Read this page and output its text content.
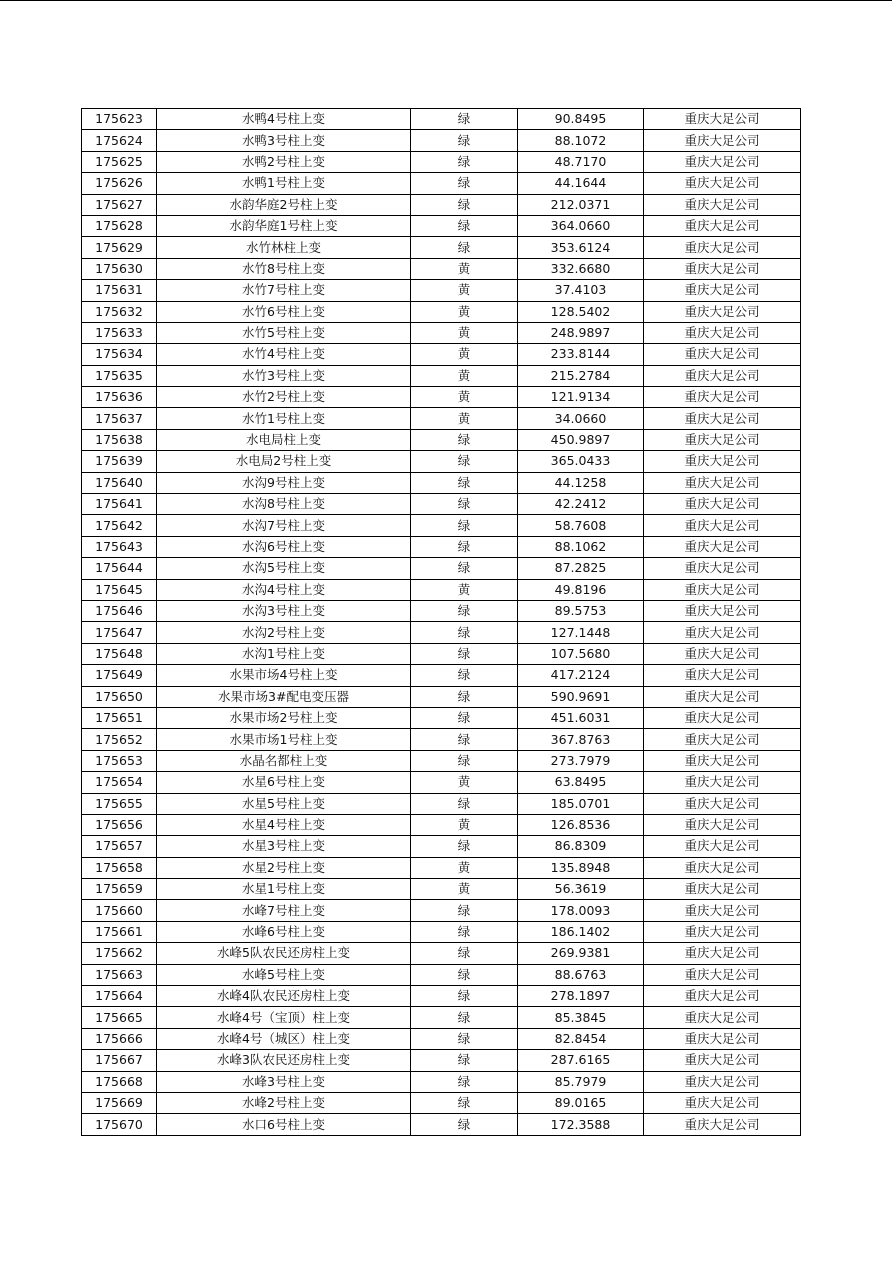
175623	水鸭4号柱上变	绿	90.8495	重庆大足公司
175624	水鸭3号柱上变	绿	88.1072	重庆大足公司
175625	水鸭2号柱上变	绿	48.7170	重庆大足公司
175626	水鸭1号柱上变	绿	44.1644	重庆大足公司
175627	水韵华庭2号柱上变	绿	212.0371	重庆大足公司
175628	水韵华庭1号柱上变	绿	364.0660	重庆大足公司
175629	水竹林柱上变	绿	353.6124	重庆大足公司
175630	水竹8号柱上变	黄	332.6680	重庆大足公司
175631	水竹7号柱上变	黄	37.4103	重庆大足公司
175632	水竹6号柱上变	黄	128.5402	重庆大足公司
175633	水竹5号柱上变	黄	248.9897	重庆大足公司
175634	水竹4号柱上变	黄	233.8144	重庆大足公司
175635	水竹3号柱上变	黄	215.2784	重庆大足公司
175636	水竹2号柱上变	黄	121.9134	重庆大足公司
175637	水竹1号柱上变	黄	34.0660	重庆大足公司
175638	水电局柱上变	绿	450.9897	重庆大足公司
175639	水电局2号柱上变	绿	365.0433	重庆大足公司
175640	水沟9号柱上变	绿	44.1258	重庆大足公司
175641	水沟8号柱上变	绿	42.2412	重庆大足公司
175642	水沟7号柱上变	绿	58.7608	重庆大足公司
175643	水沟6号柱上变	绿	88.1062	重庆大足公司
175644	水沟5号柱上变	绿	87.2825	重庆大足公司
175645	水沟4号柱上变	黄	49.8196	重庆大足公司
175646	水沟3号柱上变	绿	89.5753	重庆大足公司
175647	水沟2号柱上变	绿	127.1448	重庆大足公司
175648	水沟1号柱上变	绿	107.5680	重庆大足公司
175649	水果市场4号柱上变	绿	417.2124	重庆大足公司
175650	水果市场3#配电变压器	绿	590.9691	重庆大足公司
175651	水果市场2号柱上变	绿	451.6031	重庆大足公司
175652	水果市场1号柱上变	绿	367.8763	重庆大足公司
175653	水晶名都柱上变	绿	273.7979	重庆大足公司
175654	水星6号柱上变	黄	63.8495	重庆大足公司
175655	水星5号柱上变	绿	185.0701	重庆大足公司
175656	水星4号柱上变	黄	126.8536	重庆大足公司
175657	水星3号柱上变	绿	86.8309	重庆大足公司
175658	水星2号柱上变	黄	135.8948	重庆大足公司
175659	水星1号柱上变	黄	56.3619	重庆大足公司
175660	水峰7号柱上变	绿	178.0093	重庆大足公司
175661	水峰6号柱上变	绿	186.1402	重庆大足公司
175662	水峰5队农民还房柱上变	绿	269.9381	重庆大足公司
175663	水峰5号柱上变	绿	88.6763	重庆大足公司
175664	水峰4队农民还房柱上变	绿	278.1897	重庆大足公司
175665	水峰4号（宝顶）柱上变	绿	85.3845	重庆大足公司
175666	水峰4号（城区）柱上变	绿	82.8454	重庆大足公司
175667	水峰3队农民还房柱上变	绿	287.6165	重庆大足公司
175668	水峰3号柱上变	绿	85.7979	重庆大足公司
175669	水峰2号柱上变	绿	89.0165	重庆大足公司
175670	水口6号柱上变	绿	172.3588	重庆大足公司
